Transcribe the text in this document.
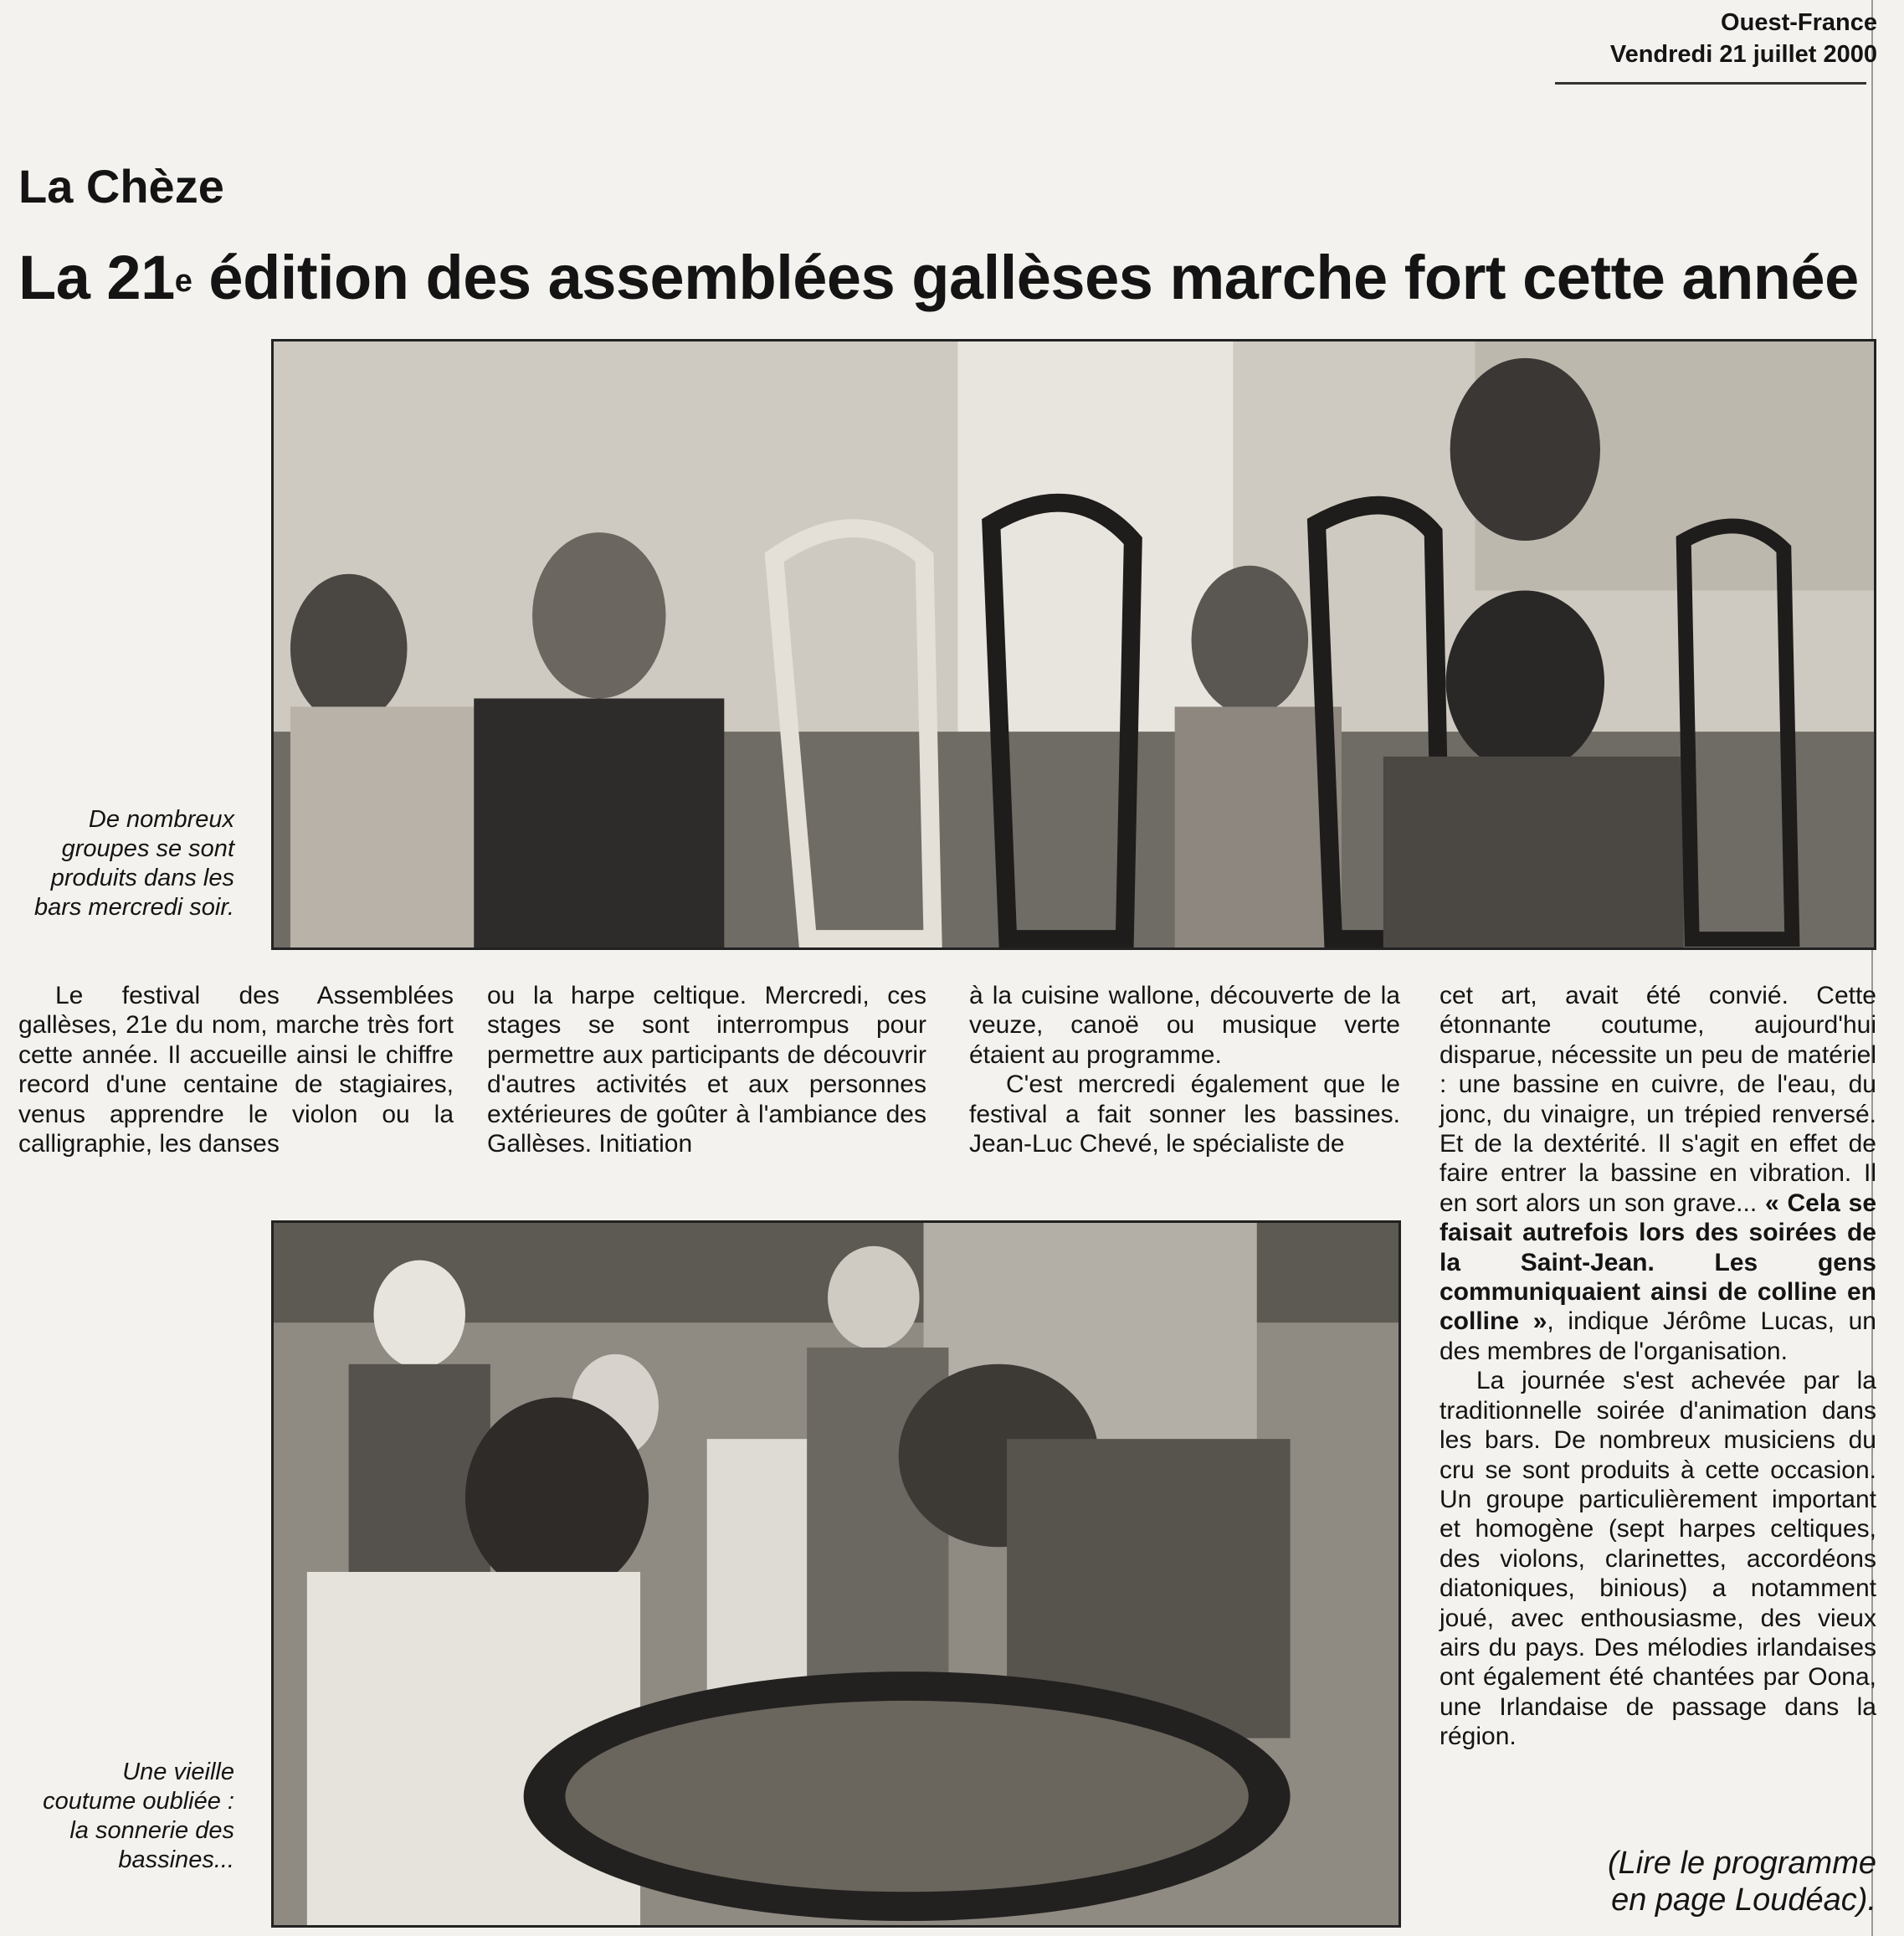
Ouest-France
Vendredi 21 juillet 2000
La Chèze
La 21e édition des assemblées gallèses marche fort cette année
De nombreux groupes se sont produits dans les bars mercredi soir.
Une vieille coutume oubliée : la sonnerie des bassines...

Le festival des Assemblées gallèses, 21e du nom, marche très fort cette année. Il accueille ainsi le chiffre record d'une centaine de stagiaires, venus apprendre le violon ou la calligraphie, les danses

ou la harpe celtique. Mercredi, ces stages se sont interrompus pour permettre aux participants de découvrir d'autres activités et aux personnes extérieures de goûter à l'ambiance des Gallèses. Initiation

à la cuisine wallone, découverte de la veuze, canoë ou musique verte étaient au programme.

C'est mercredi également que le festival a fait sonner les bassines. Jean-Luc Chevé, le spécialiste de

cet art, avait été convié. Cette étonnante coutume, aujourd'hui disparue, nécessite un peu de matériel : une bassine en cuivre, de l'eau, du jonc, du vinaigre, un trépied renversé. Et de la dextérité. Il s'agit en effet de faire entrer la bassine en vibration. Il en sort alors un son grave... « Cela se faisait autrefois lors des soirées de la Saint-Jean. Les gens communiquaient ainsi de colline en colline », indique Jérôme Lucas, un des membres de l'organisation.

La journée s'est achevée par la traditionnelle soirée d'animation dans les bars. De nombreux musiciens du cru se sont produits à cette occasion. Un groupe particulièrement important et homogène (sept harpes celtiques, des violons, clarinettes, accordéons diatoniques, binious) a notamment joué, avec enthousiasme, des vieux airs du pays. Des mélodies irlandaises ont également été chantées par Oona, une Irlandaise de passage dans la région.

(Lire le programme
en page Loudéac).
